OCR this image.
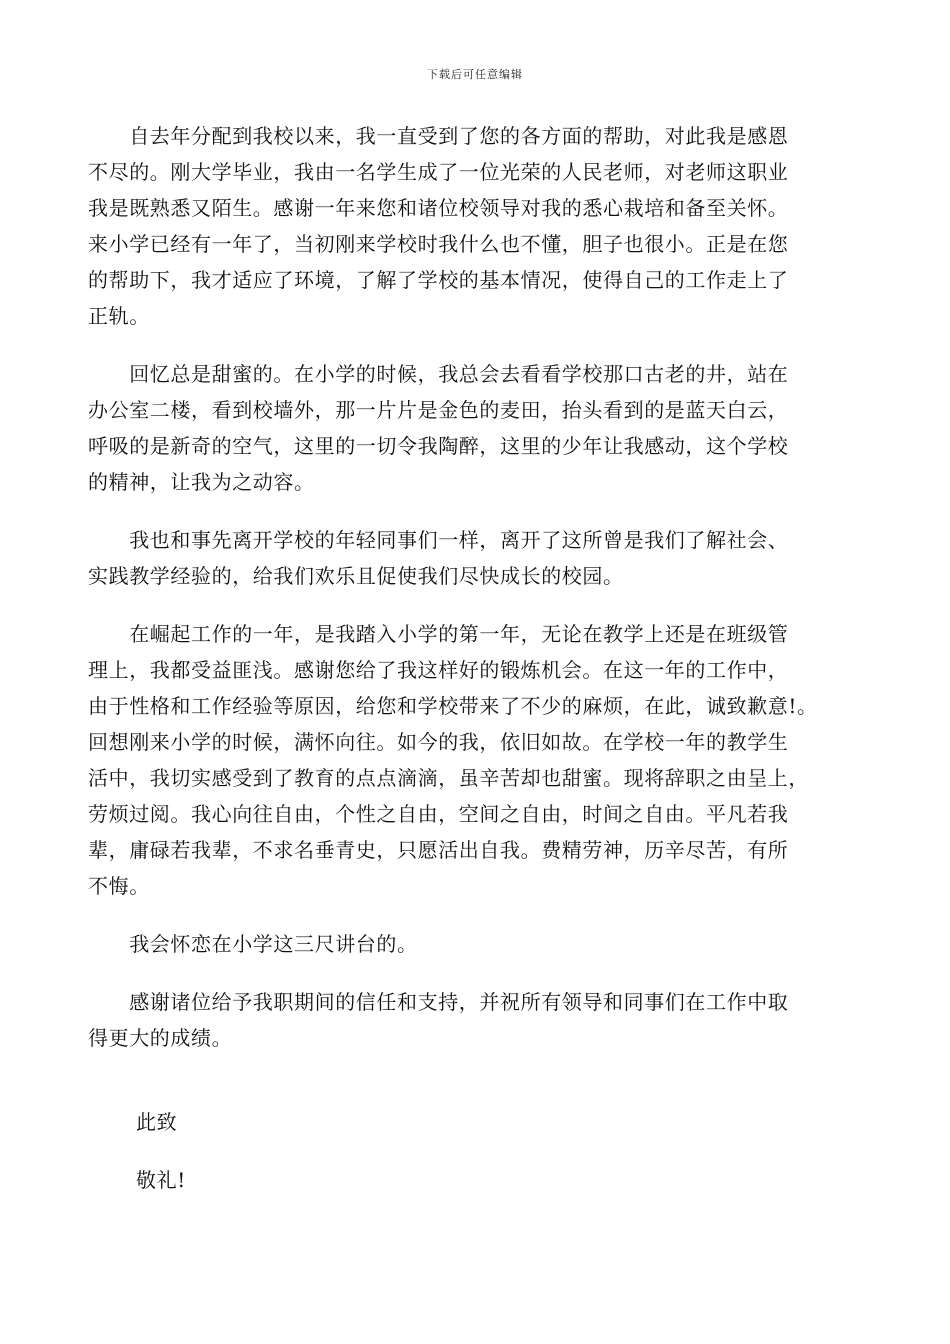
下载后可任意编辑
　　自去年分配到我校以来，我一直受到了您的各方面的帮助，对此我是感恩
不尽的。刚大学毕业，我由一名学生成了一位光荣的人民老师，对老师这职业
我是既熟悉又陌生。感谢一年来您和诸位校领导对我的悉心栽培和备至关怀。
来小学已经有一年了，当初刚来学校时我什么也不懂，胆子也很小。正是在您
的帮助下，我才适应了环境，了解了学校的基本情况，使得自己的工作走上了
正轨。
　　回忆总是甜蜜的。在小学的时候，我总会去看看学校那口古老的井，站在
办公室二楼，看到校墙外，那一片片是金色的麦田，抬头看到的是蓝天白云，
呼吸的是新奇的空气，这里的一切令我陶醉，这里的少年让我感动，这个学校
的精神，让我为之动容。
　　我也和事先离开学校的年轻同事们一样，离开了这所曾是我们了解社会、
实践教学经验的，给我们欢乐且促使我们尽快成长的校园。
　　在崛起工作的一年，是我踏入小学的第一年，无论在教学上还是在班级管
理上，我都受益匪浅。感谢您给了我这样好的锻炼机会。在这一年的工作中，
由于性格和工作经验等原因，给您和学校带来了不少的麻烦，在此，诚致歉意!。
回想刚来小学的时候，满怀向往。如今的我，依旧如故。在学校一年的教学生
活中，我切实感受到了教育的点点滴滴，虽辛苦却也甜蜜。现将辞职之由呈上，
劳烦过阅。我心向往自由，个性之自由，空间之自由，时间之自由。平凡若我
辈，庸碌若我辈，不求名垂青史，只愿活出自我。费精劳神，历辛尽苦，有所
不悔。
　　我会怀恋在小学这三尺讲台的。
　　感谢诸位给予我职期间的信任和支持，并祝所有领导和同事们在工作中取
得更大的成绩。
此致
敬礼!
